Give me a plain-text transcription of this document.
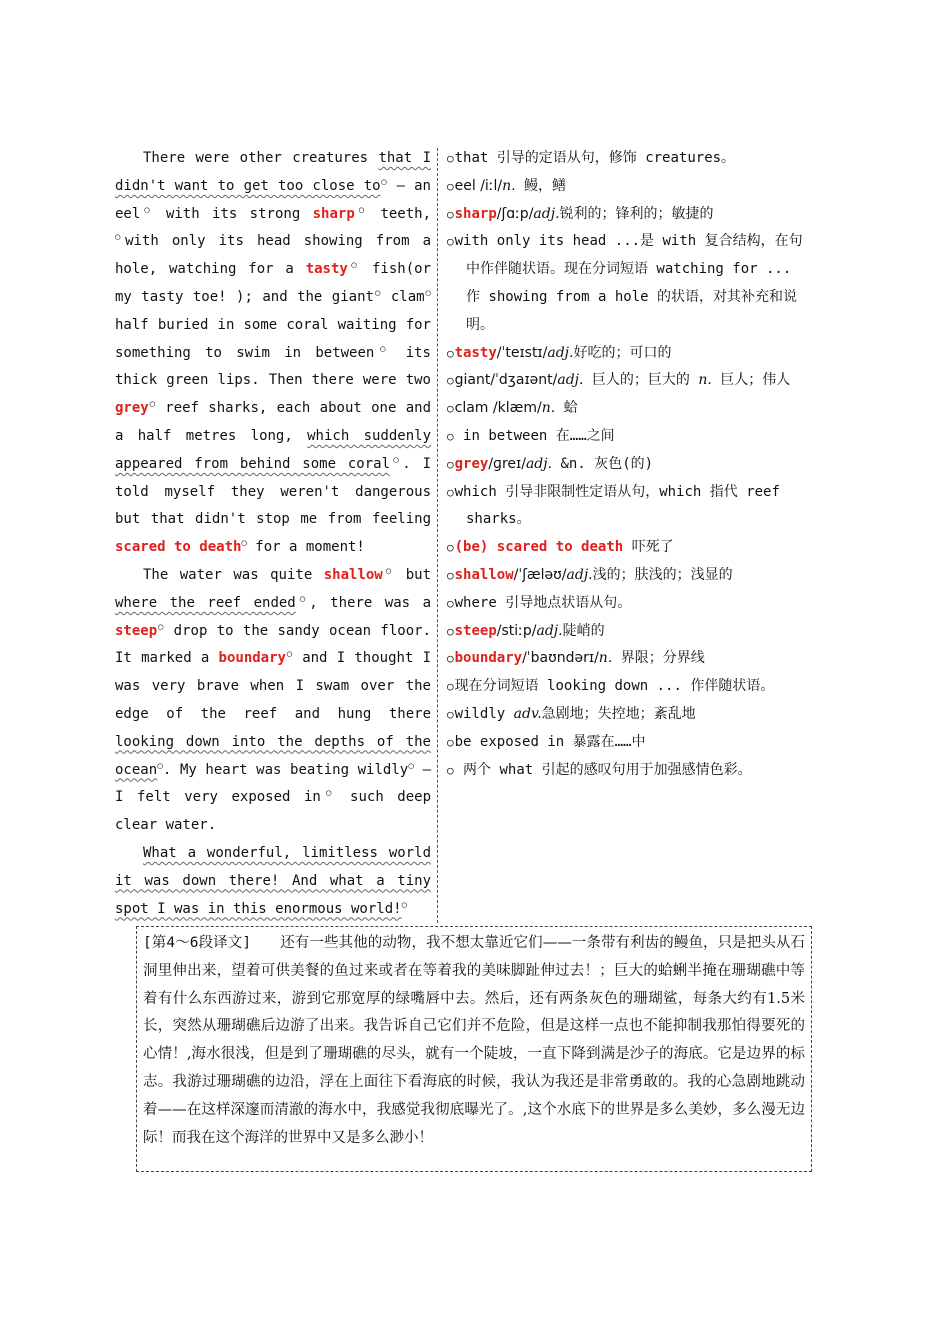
There were other creatures that I didn't want to get too close to○ — an eel○ with its strong sharp○ teeth, ○with only its head showing from a hole, watching for a tasty○ fish(or my tasty toe! ); and the giant○ clam○ half buried in some coral waiting for something to swim in between○ its thick green lips. Then there were two grey○ reef sharks, each about one and a half metres long, which suddenly appeared from behind some coral○. I told myself they weren't dangerous but that didn't stop me from feeling scared to death○ for a moment!

The water was quite shallow○ but where the reef ended○, there was a steep○ drop to the sandy ocean floor. It marked a boundary○ and I thought I was very brave when I swam over the edge of the reef and hung there looking down into the depths of the ocean○. My heart was beating wildly○ — I felt very exposed in○ such deep clear water.

What a wonderful, limitless world it was down there! And what a tiny spot I was in this enormous world!○

○that 引导的定语从句，修饰 creatures。
○eel /iːl/n. 鳗，鳝
○sharp/ʃɑːp/adj.锐利的；锋利的；敏捷的
○with only its head ...是 with 复合结构，在句中作伴随状语。现在分词短语 watching for ... 作 showing from a hole 的状语，对其补充和说明。
○tasty/ˈteɪstɪ/adj.好吃的；可口的
○giant/ˈdʒaɪənt/adj. 巨人的；巨大的 n. 巨人；伟人
○clam /klæm/n. 蛤
○ in between 在……之间
○grey/ɡreɪ/adj. &n. 灰色(的)
○which 引导非限制性定语从句，which 指代 reef sharks。
○(be) scared to death 吓死了
○shallow/ˈʃæləʊ/adj.浅的；肤浅的；浅显的
○where 引导地点状语从句。
○steep/stiːp/adj.陡峭的
○boundary/ˈbaʊndərɪ/n. 界限；分界线
○现在分词短语 looking down ... 作伴随状语。
○wildly adv.急剧地；失控地；紊乱地
○be exposed in 暴露在……中
○ 两个 what 引起的感叹句用于加强感情色彩。
[第4～6段译文]　　还有一些其他的动物，我不想太靠近它们——一条带有利齿的鳗鱼，只是把头从石洞里伸出来，望着可供美餐的鱼过来或者在等着我的美味脚趾伸过去！；巨大的蛤蜊半掩在珊瑚礁中等着有什么东西游过来，游到它那宽厚的绿嘴唇中去。然后，还有两条灰色的珊瑚鲨，每条大约有1.5米长，突然从珊瑚礁后边游了出来。我告诉自己它们并不危险，但是这样一点也不能抑制我那怕得要死的心情！,海水很浅，但是到了珊瑚礁的尽头，就有一个陡坡，一直下降到满是沙子的海底。它是边界的标志。我游过珊瑚礁的边沿，浮在上面往下看海底的时候，我认为我还是非常勇敢的。我的心急剧地跳动着——在这样深邃而清澈的海水中，我感觉我彻底曝光了。,这个水底下的世界是多么美妙，多么漫无边际！而我在这个海洋的世界中又是多么渺小！
